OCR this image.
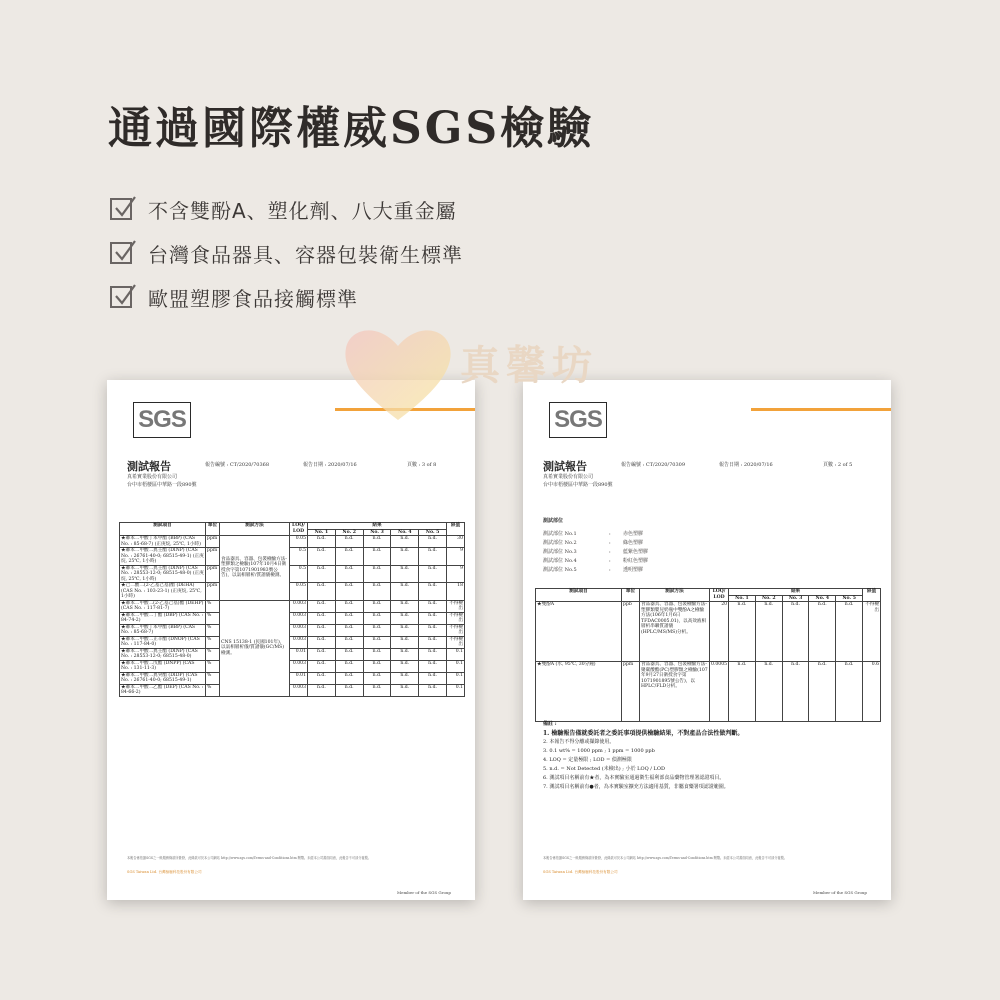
通過國際權威SGS檢驗
不含雙酚A、塑化劑、八大重金屬
台灣食品器具、容器包裝衛生標準
歐盟塑膠食品接觸標準
SGS
測試報告	報告編號 : CT/2020/70368	報告日期 : 2020/07/16	頁數 : 3 of 8
真希實業股份有限公司
台中市梧棲區中華路一段890號
測試項目	單位	測試方法	LOQ/ LOD	結果					限值
				No. 1	No. 2	No. 3	No. 4	No. 5	
★鄰苯二甲酸丁苯甲酯 (BBP) (CAS No. : 85-68-7) (正庚烷, 25℃, 1小時)	ppm	食品器具、容器、包裝檢驗方法-塑膠類之檢驗(107年10月4日衛授食字第1071901983號公告)，以氣相層析/質譜儀檢測。	0.05	n.d.	n.d.	n.d.	n.d.	n.d.	30
★鄰苯二甲酸二異壬酯 (DINP) (CAS No. : 26761-40-0; 68515-49-1) (正庚烷, 25℃, 1小時)	ppm		0.5	n.d.	n.d.	n.d.	n.d.	n.d.	9
★鄰苯二甲酸二異壬酯 (DINP) (CAS No. : 28553-12-0; 68515-48-0) (正庚烷, 25℃, 1小時)	ppm		0.5	n.d.	n.d.	n.d.	n.d.	n.d.	9
★己二酸二(2-乙基己基)酯 (DEHA) (CAS No. : 103-23-1) (正庚烷, 25℃, 1小時)	ppm		0.05	n.d.	n.d.	n.d.	n.d.	n.d.	18
★鄰苯二甲酸二(2-乙基己基)酯 (DEHP) (CAS No. : 117-81-7)	%	CNS 15138-1 (民國101年)，以氣相層析儀/質譜儀(GC/MS)檢測。	0.003	n.d.	n.d.	n.d.	n.d.	n.d.	不得檢出
★鄰苯二甲酸二丁酯 (DBP) (CAS No. : 84-74-2)	%		0.003	n.d.	n.d.	n.d.	n.d.	n.d.	不得檢出
★鄰苯二甲酸丁苯甲酯 (BBP) (CAS No. : 85-68-7)	%		0.003	n.d.	n.d.	n.d.	n.d.	n.d.	不得檢出
★鄰苯二甲酸二正辛酯 (DNOP) (CAS No. : 117-84-0)	%		0.003	n.d.	n.d.	n.d.	n.d.	n.d.	不得檢出
★鄰苯二甲酸二異壬酯 (DINP) (CAS No. : 28553-12-0; 68515-48-0)	%		0.01	n.d.	n.d.	n.d.	n.d.	n.d.	0.1
★鄰苯二甲酸二戊酯 (DNPP) (CAS No. : 131-11-3)	%		0.003	n.d.	n.d.	n.d.	n.d.	n.d.	0.1
★鄰苯二甲酸二異癸酯 (DIDP) (CAS No. : 26761-40-0; 68515-49-1)	%		0.01	n.d.	n.d.	n.d.	n.d.	n.d.	0.1
★鄰苯二甲酸二乙酯 (DEP) (CAS No. : 84-66-2)	%		0.003	n.d.	n.d.	n.d.	n.d.	n.d.	0.1
本報告係依據SGS之一般服務條款所簽發，此條款可於本公司網站 http://www.sgs.com/Terms-and-Conditions.htm 閱覽。未經本公司書面同意，此報告不可部分複製。
SGS Taiwan Ltd. 台灣檢驗科技股份有限公司
Member of the SGS Group
SGS
測試報告	報告編號 : CT/2020/70309	報告日期 : 2020/07/16	頁數 : 2 of 5
真希實業股份有限公司
台中市梧棲區中華路一段890號
測試部位
測試部位 No.1	:	赤色塑膠
測試部位 No.2	:	綠色塑膠
測試部位 No.3	:	藍紫色塑膠
測試部位 No.4	:	粉紅色塑膠
測試部位 No.5	:	透明塑膠
測試項目	單位	測試方法	LOQ/ LOD	結果					限值
				No. 1	No. 2	No. 3	No. 4	No. 5	
★雙酚A	ppb	食品器具、容器、包裝檢驗方法-塑膠類嬰兒奶瓶中雙酚A之檢驗方法(106年1月6日TFDAC0005.01)，以高效液相層析串聯質譜儀(HPLC/MS/MS)分析。	20	n.d.	n.d.	n.d.	n.d.	n.d.	不得檢出
★雙酚A (水, 95℃, 30分鐘)	ppm	食品器具、容器、包裝檢驗方法-聚碳酸酯(PC)塑膠類之檢驗(107年9月27日衛授食字第1071901895號公告)，以HPLC/FLD分析。	0.0005	n.d.	n.d.	n.d.	n.d.	n.d.	0.6
備註 :
1. 檢驗報告僅就委託者之委託事項提供檢驗結果，不對產品合法性做判斷。
2. 本報告不得分離或擷錄使用。
3. 0.1 wt% = 1000 ppm ; 1 ppm = 1000 ppb
4. LOQ = 定量極限 ; LOD = 偵測極限
5. n.d. = Not Detected (未檢出) ; 小於 LOQ / LOD
6. 測試項目名稱前有★者，為本實驗室通過衛生福利部食品藥物管理署認證項目。
7. 測試項目名稱前有●者，為本實驗室擴充方法適用基質，非屬食藥署項認證範圍。
本報告係依據SGS之一般服務條款所簽發，此條款可於本公司網站 http://www.sgs.com/Terms-and-Conditions.htm 閱覽。未經本公司書面同意，此報告不可部分複製。
SGS Taiwan Ltd. 台灣檢驗科技股份有限公司
Member of the SGS Group
真馨坊
